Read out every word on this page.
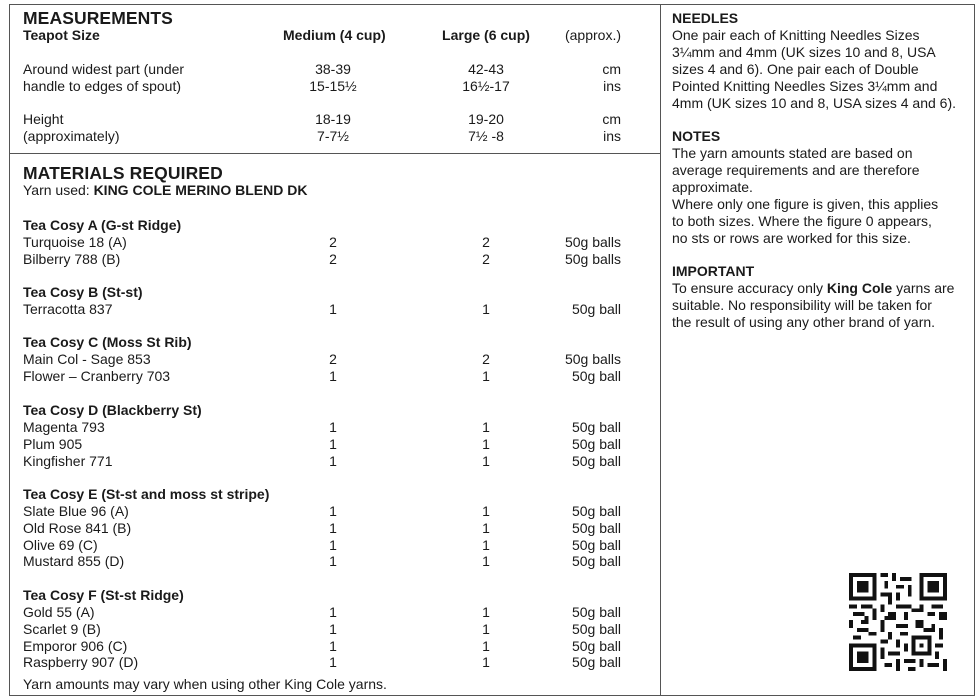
MEASUREMENTS
Teapot Size	Medium (4 cup)	Large (6 cup)	(approx.)
Around widest part (under	38-39	42-43	cm
handle to edges of spout)	15-15½	16½-17	ins
Height	18-19	19-20	cm
(approximately)	7-7½	7½ -8	ins
MATERIALS REQUIRED
Yarn used: KING COLE MERINO BLEND DK
Tea Cosy A (G-st Ridge)
Turquoise 18 (A)	2	2	50g balls
Bilberry 788 (B)	2	2	50g balls
Tea Cosy B (St-st)
Terracotta 837	1	1	50g ball
Tea Cosy C (Moss St Rib)
Main Col - Sage 853	2	2	50g balls
Flower – Cranberry 703	1	1	50g ball
Tea Cosy D (Blackberry St)
Magenta 793	1	1	50g ball
Plum 905	1	1	50g ball
Kingfisher 771	1	1	50g ball
Tea Cosy E (St-st and moss st stripe)
Slate Blue 96 (A)	1	1	50g ball
Old Rose 841 (B)	1	1	50g ball
Olive 69 (C)	1	1	50g ball
Mustard 855 (D)	1	1	50g ball
Tea Cosy F (St-st Ridge)
Gold 55 (A)	1	1	50g ball
Scarlet 9 (B)	1	1	50g ball
Emporor 906 (C)	1	1	50g ball
Raspberry 907 (D)	1	1	50g ball
Yarn amounts may vary when using other King Cole yarns.
NEEDLES
One pair each of Knitting Needles Sizes
3¼mm and 4mm (UK sizes 10 and 8, USA
sizes 4 and 6). One pair each of Double
Pointed Knitting Needles Sizes 3¼mm and
4mm (UK sizes 10 and 8, USA sizes 4 and 6).
NOTES
The yarn amounts stated are based on
average requirements and are therefore
approximate.
Where only one figure is given, this applies
to both sizes. Where the figure 0 appears,
no sts or rows are worked for this size.
IMPORTANT
To ensure accuracy only King Cole yarns are
suitable. No responsibility will be taken for
the result of using any other brand of yarn.
